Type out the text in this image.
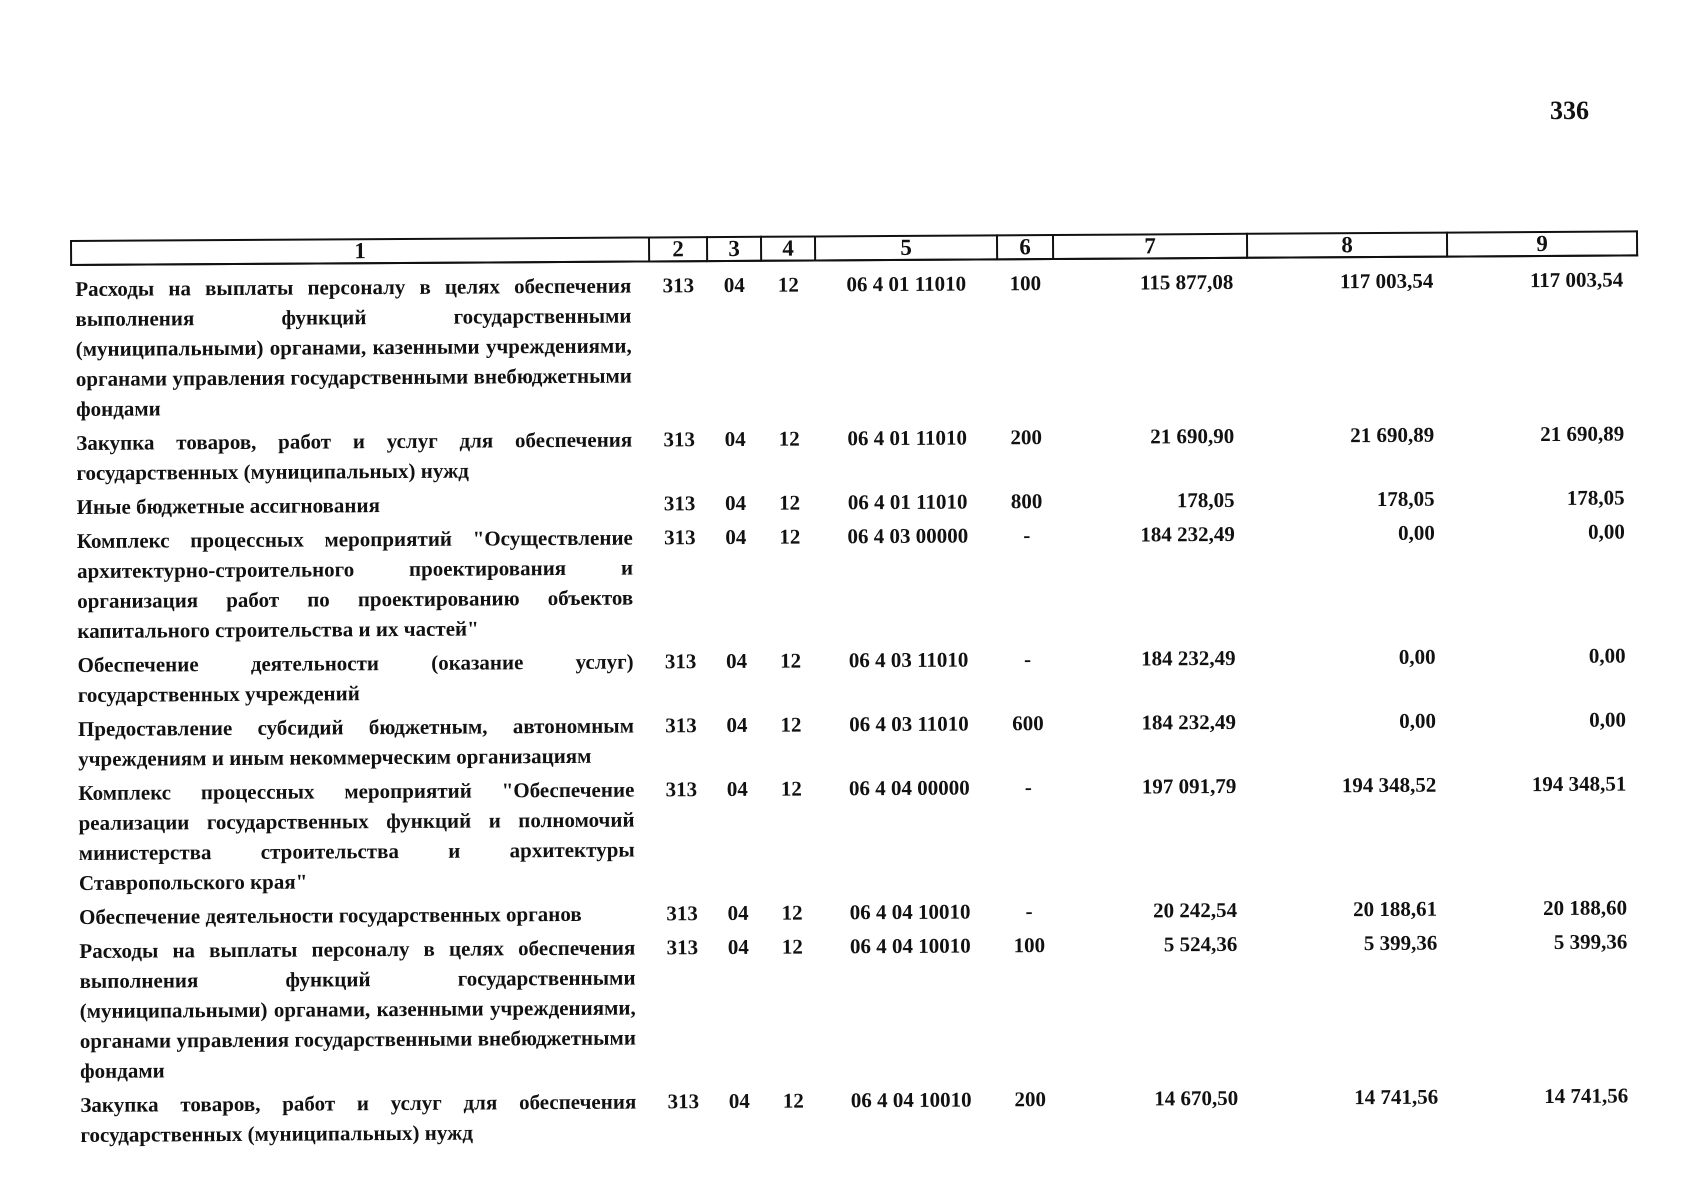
336
1	2	3	4	5	6	7	8	9
Расходы на выплаты персоналу в целях обеспечения выполнения функций государственными (муниципальными) органами, казенными учреждениями, органами управления государственными внебюджетными фондами	313	04	12	06 4 01 11010	100	115 877,08	117 003,54	117 003,54
Закупка товаров, работ и услуг для обеспечения государственных (муниципальных) нужд	313	04	12	06 4 01 11010	200	21 690,90	21 690,89	21 690,89
Иные бюджетные ассигнования	313	04	12	06 4 01 11010	800	178,05	178,05	178,05
Комплекс процессных мероприятий "Осуществление архитектурно-строительного проектирования и организация работ по проектированию объектов капитального строительства и их частей"	313	04	12	06 4 03 00000	-	184 232,49	0,00	0,00
Обеспечение деятельности (оказание услуг) государственных учреждений	313	04	12	06 4 03 11010	-	184 232,49	0,00	0,00
Предоставление субсидий бюджетным, автономным учреждениям и иным некоммерческим организациям	313	04	12	06 4 03 11010	600	184 232,49	0,00	0,00
Комплекс процессных мероприятий "Обеспечение реализации государственных функций и полномочий министерства строительства и архитектуры Ставропольского края"	313	04	12	06 4 04 00000	-	197 091,79	194 348,52	194 348,51
Обеспечение деятельности государственных органов	313	04	12	06 4 04 10010	-	20 242,54	20 188,61	20 188,60
Расходы на выплаты персоналу в целях обеспечения выполнения функций государственными (муниципальными) органами, казенными учреждениями, органами управления государственными внебюджетными фондами	313	04	12	06 4 04 10010	100	5 524,36	5 399,36	5 399,36
Закупка товаров, работ и услуг для обеспечения государственных (муниципальных) нужд	313	04	12	06 4 04 10010	200	14 670,50	14 741,56	14 741,56
